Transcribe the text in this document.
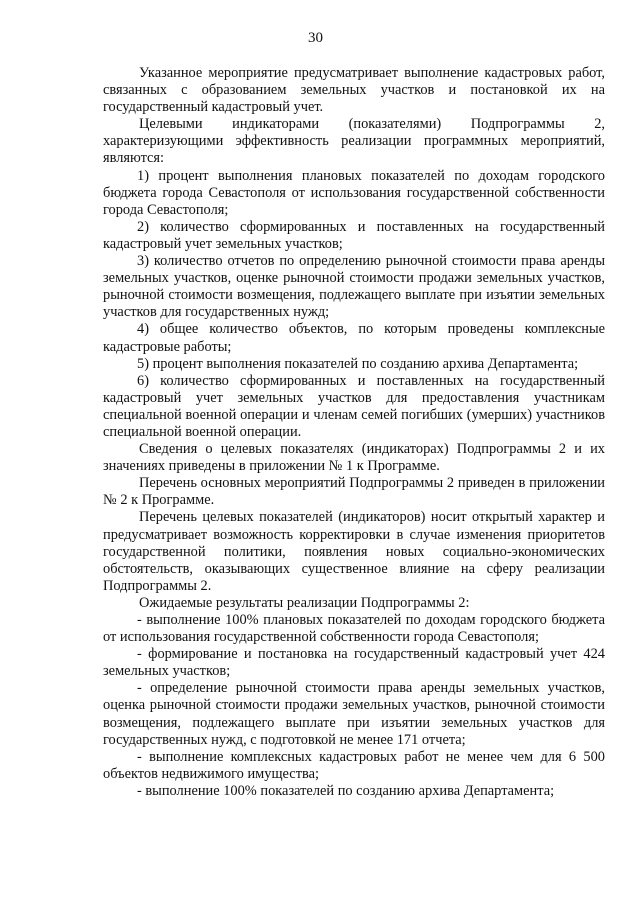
30

Указанное мероприятие предусматривает выполнение кадастровых работ, связанных с образованием земельных участков и постановкой их на государственный кадастровый учет.

Целевыми индикаторами (показателями) Подпрограммы 2, характеризующими эффективность реализации программных мероприятий, являются:

1) процент выполнения плановых показателей по доходам городского бюджета города Севастополя от использования государственной собственности города Севастополя;

2) количество сформированных и поставленных на государственный кадастровый учет земельных участков;

3) количество отчетов по определению рыночной стоимости права аренды земельных участков, оценке рыночной стоимости продажи земельных участков, рыночной стоимости возмещения, подлежащего выплате при изъятии земельных участков для государственных нужд;

4) общее количество объектов, по которым проведены комплексные кадастровые работы;

5) процент выполнения показателей по созданию архива Департамента;

6) количество сформированных и поставленных на государственный кадастровый учет земельных участков для предоставления участникам специальной военной операции и членам семей погибших (умерших) участников специальной военной операции.

Сведения о целевых показателях (индикаторах) Подпрограммы 2 и их значениях приведены в приложении № 1 к Программе.

Перечень основных мероприятий Подпрограммы 2 приведен в приложении № 2 к Программе.

Перечень целевых показателей (индикаторов) носит открытый характер и предусматривает возможность корректировки в случае изменения приоритетов государственной политики, появления новых социально-экономических обстоятельств, оказывающих существенное влияние на сферу реализации Подпрограммы 2.

Ожидаемые результаты реализации Подпрограммы 2:

- выполнение 100% плановых показателей по доходам городского бюджета от использования государственной собственности города Севастополя;

- формирование и постановка на государственный кадастровый учет 424 земельных участков;

- определение рыночной стоимости права аренды земельных участков, оценка рыночной стоимости продажи земельных участков, рыночной стоимости возмещения, подлежащего выплате при изъятии земельных участков для государственных нужд, с подготовкой не менее 171 отчета;

- выполнение комплексных кадастровых работ не менее чем для 6 500 объектов недвижимого имущества;

- выполнение 100% показателей по созданию архива Департамента;
